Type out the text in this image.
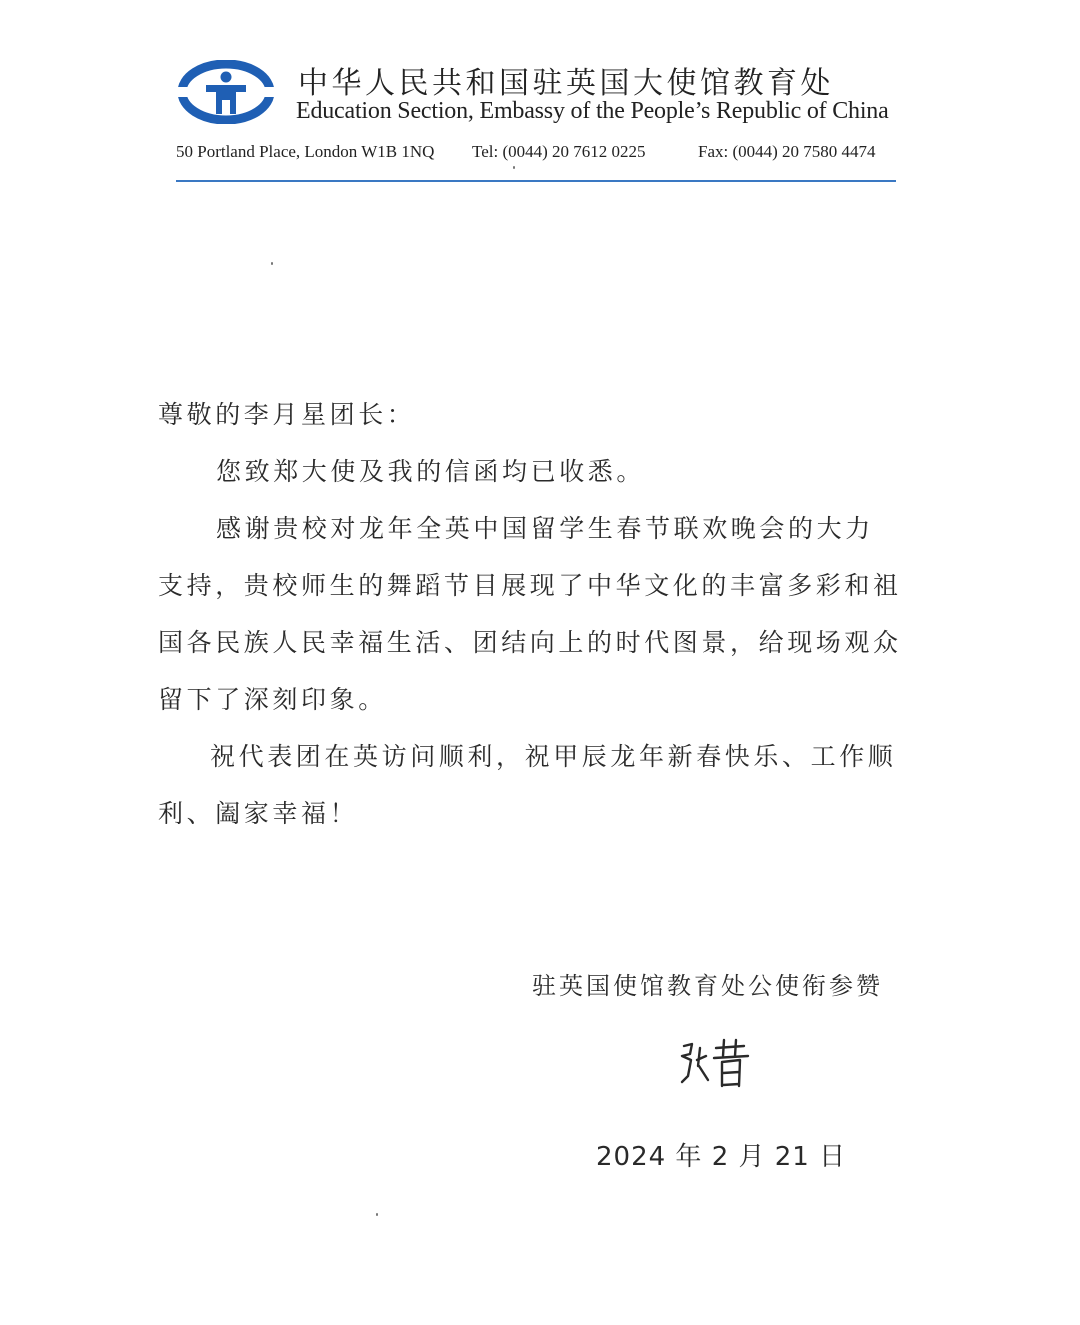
中华人民共和国驻英国大使馆教育处
Education Section, Embassy of the People’s Republic of China
50 Portland Place, London W1B 1NQ Tel: (0044) 20 7612 0225	Fax: (0044) 20 7580 4474
尊敬的李月星团长：
您致郑大使及我的信函均已收悉。
感谢贵校对龙年全英中国留学生春节联欢晚会的大力
支持，贵校师生的舞蹈节目展现了中华文化的丰富多彩和祖
国各民族人民幸福生活、团结向上的时代图景，给现场观众
留下了深刻印象。
祝代表团在英访问顺利，祝甲辰龙年新春快乐、工作顺
利、阖家幸福！
驻英国使馆教育处公使衔参赞
2024 年 2 月 21 日
